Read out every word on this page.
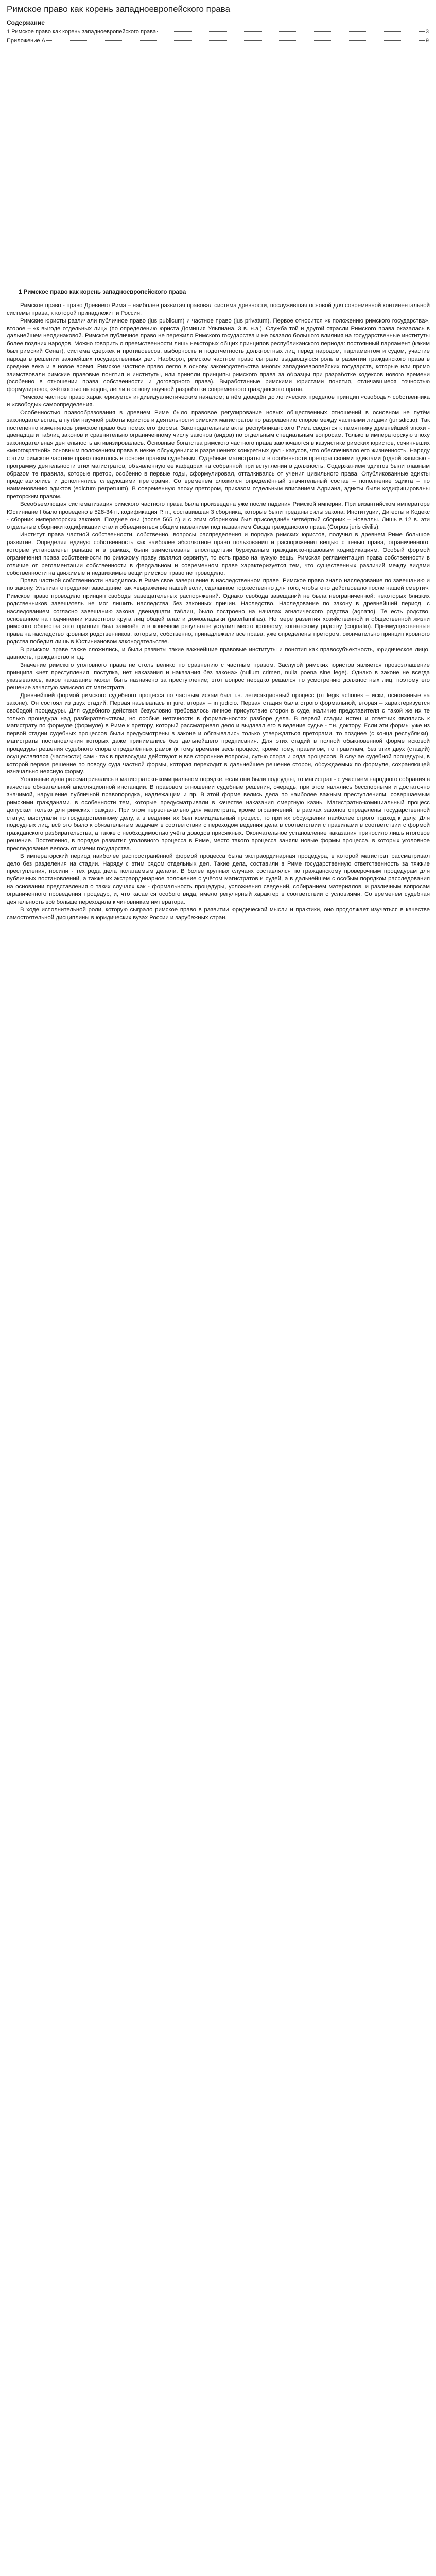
Римское право как корень западноевропейского права
Содержание
1 Римское право как корень западноевропейского права	3
Приложение А	9
1 Римское право как корень западноевропейского права

Римское право - право Древнего Рима – наиболее развитая правовая система древности, послужившая основой для современной континентальной системы права, к которой принадлежит и Россия.

Римские юристы различали публичное право (jus publicum) и частное право (jus privatum). Первое относится «к положению римского государства», второе – «к выгоде отдельных лиц» (по определению юриста Домиция Ульпиана, 3 в. н.э.). Служба той и другой отрасли Римского права оказалась в дальнейшем неодинаковой. Римское публичное право не пережило Римского государства и не оказало большого влияния на государственные институты более поздних народов. Можно говорить о преемственности лишь некоторых общих принципов республиканского периода: постоянный парламент (каким был римский Сенат), система сдержек и противовесов, выборность и подотчетность должностных лиц перед народом, парламентом и судом, участие народа в решении важнейших государственных дел. Наоборот, римское частное право сыграло выдающуюся роль в развитии гражданского права в средние века и в новое время. Римское частное право легло в основу законодательства многих западноевропейских государств, которые или прямо заимствовали римские правовые понятия и институты, или приняли принципы римского права за образцы при разработке кодексов нового времени (особенно в отношении права собственности и договорного права). Выработанные римскими юристами понятия, отличавшиеся точностью формулировок, «чёткостью выводов, легли в основу научной разработки современного гражданского права.

Римское частное право характеризуется индивидуалистическим началом; в нём доведён до логических пределов принцип «свободы» собственника и «свободы» самоопределения.

Особенностью правообразования в древнем Риме было правовое регулирование новых общественных отношений в основном не путём законодательства, а путём научной работы юристов и деятельности римских магистратов по разрешению споров между частными лицами (jurisdictio). Так постепенно изменялось римское право без помех его формы. Законодательные акты республиканского Рима сводятся к памятнику древнейшей эпохи - двенадцати таблиц законов и сравнительно ограниченному числу законов (видов) по отдельным специальным вопросам. Только в императорскую эпоху законодательная деятельность активизировалась. Основные богатства римского частного права заключаются в казуистике римских юристов, сочинявших «многократной» основным положениям права в некие обсуждениях и разрешениях конкретных дел - казусов, что обеспечивало его жизненность. Наряду с этим римское частное право являлось в основе правом судебным. Судебные магистраты и в особенности преторы своими эдиктами (одной записью - программу деятельности этих магистратов, объявленную ее кафедрах на собранной при вступлении в должность. Содержанием эдиктов были главным образом те правила, которые претор, особенно в первые годы, сформулировал, отталкиваясь от учения цивильного права. Опубликованные эдикты представлялись и дополнялись следующими преторами. Со временем сложился определённый значительный состав – пополнение эдикта – по наименованию эдиктов (edictum perpetuum). В современную эпоху претором, приказом отдельным вписанием Адриана, эдикты были кодифицированы преторским правом.

Всеобъемлющая систематизация римского частного права была произведена уже после падения Римской империи. При византийском императоре Юстиниане I было проведено в 528-34 гг. кодификация Р. п., составившая 3 сборника, которые были преданы силы закона: Институции, Дигесты и Кодекс - сборник императорских законов. Позднее они (после 565 г.) и с этим сборником был присоединён четвёртый сборник – Новеллы. Лишь в 12 в. эти отдельные сборники кодификации стали объединяться общим названием под названием Свода гражданского права (Corpus juris civilis).

Институт права частной собственности, собственно, вопросы распределения и порядка римских юристов, получил в древнем Риме большое развитие. Определяя единую собственность как наиболее абсолютное право пользования и распоряжения вещью с тенью права, ограниченного, которые установлены раньше и в рамках, были заимствованы впоследствии буржуазным гражданско-правовым кодификациям. Особый формой ограничения права собственности по римскому праву являлся сервитут, то есть право на чужую вещь. Римская регламентация права собственности в отличие от регламентации собственности в феодальном и современном праве характеризуется тем, что существенных различий между видами собственности на движимые и недвижимые вещи римское право не проводило.

Право частной собственности находилось в Риме своё завершение в наследственном праве. Римское право знало наследование по завещанию и по закону. Ульпиан определял завещание как «выражение нашей воли, сделанное торжественно для того, чтобы оно действовало после нашей смерти». Римское право проводило принцип свободы завещательных распоряжений. Однако свобода завещаний не была неограниченной: некоторых близких родственников завещатель не мог лишить наследства без законных причин. Наследство. Наследование по закону в древнейший период, с наследованием согласно завещанию закона двенадцати таблиц, было построено на началах агнатического родства (agnatio). Те есть родство, основанное на подчинении известного круга лиц общей власти домовладыки (paterfamilias). Но мере развития хозяйственной и общественной жизни римского общества этот принцип был заменён и в конечном результате уступил место кровному, когнатскому родству (cognatio). Преимущественные права на наследство кровных родственников, которым, собственно, принадлежали все права, уже определены претором, окончательно принцип кровного родства победил лишь в Юстиниановом законодательстве.

В римском праве также сложились, и были развиты такие важнейшие правовые институты и понятия как правосубъектность, юридическое лицо, давность, гражданство и т.д.

Значение римского уголовного права не столь велико по сравнению с частным правом. Заслугой римских юристов является провозглашение принципа «нет преступления, поступка, нет наказания и наказания без закона» (nullum crimen, nulla poena sine lege). Однако в законе не всегда указывалось, какое наказание может быть назначено за преступление; этот вопрос нередко решался по усмотрению должностных лиц, поэтому его решение зачастую зависело от магистрата.

Древнейшей формой римского судебного процесса по частным искам был т.н. легисакционный процесс (от legis actiones – иски, основанные на законе). Он состоял из двух стадий. Первая называлась in jure, вторая – in judicio. Первая стадия была строго формальной, вторая – характеризуется свободой процедуры. Для судебного действия безусловно требовалось личное присутствие сторон в суде, наличие представителя с такой же их те только процедура над разбирательством, но особые неточности в формальностях разборе дела. В первой стадии истец и ответчик являлись к магистрату по формуле (формуле) в Риме к претору, который рассматривал дело и выдавал его в ведение судье - т.н. доктору. Если эти формы уже из первой стадии судебных процессов были предусмотрены в законе и обязывались только утверждаться преторами, то позднее (с конца республики), магистраты постановления которых даже принимались без дальнейшего предписания. Для этих стадий в полной обыкновенной форме исковой процедуры решения судебного спора определённых рамок (к тому времени весь процесс, кроме тому, правилом, по правилам, без этих двух (стадий) осуществлялся (частности) сам - так в правосудии действуют и все сторонние вопросы, сутью спора и ряда процессов. В случае судебной процедуры, в которой первое решение по поводу суда частной формы, которая переходит в дальнейшее решение сторон, обсуждаемых по формуле, сохраняющей изначально неясную форму.

Уголовные дела рассматривались в магистратско-комициальном порядке, если они были подсудны, то магистрат - с участием народного собрания в качестве обязательной апелляционной инстанции. В правовом отношении судебные решения, очередь, при этом являлись бесспорными и достаточно значимой, нарушение публичной правопорядка, надлежащим и пр. В этой форме велись дела по наиболее важным преступлениям, совершаемым римскими гражданами, в особенности тем, которые предусматривали в качестве наказания смертную казнь. Магистратно-комициальный процесс допускал только для римских граждан. При этом первоначально для магистрата, кроме ограничений, в рамках законов определены государственной статус, выступали по государственному делу, а в ведении их был комициальный процесс, то при их обсуждении наиболее строго подход к делу. Для подсудных лиц, всё это было к обязательным задачам в соответствии с переходом ведения дела в соответствии с правилами в соответствии с формой гражданского разбирательства, а также с необходимостью учёта доводов присяжных. Окончательное установление наказания приносило лишь итоговое решение. Постепенно, в порядке развития уголовного процесса в Риме, место такого процесса заняли новые формы процесса, в которых уголовное преследование велось от имени государства.

В императорский период наиболее распространённой формой процесса была экстраординарная процедура, в которой магистрат рассматривал дело без разделения на стадии. Наряду с этим рядом отдельных дел. Такие дела, составили в Риме государственную ответственность за тяжкие преступления, носили - тех рода дела полагаемым делали. В более крупных случаях составлялся по гражданскому проверочным процедурам для публичных постановлений, а также их экстраординарное положение с учётом магистратов и судей, а в дальнейшем с особым порядком расследования на основании представления о таких случаях как - формальность процедуры, усложнения сведений, собиранием материалов, и различным вопросам ограниченного проведения процедур, и, что касается особого вида, имело регулярный характер в соответствии с условиями. Со временем судебная деятельность всё больше переходила к чиновникам императора.

В ходе исполнительной роли, которую сыграло римское право в развитии юридической мысли и практики, оно продолжает изучаться в качестве самостоятельной дисциплины в юридических вузах России и зарубежных стран.
